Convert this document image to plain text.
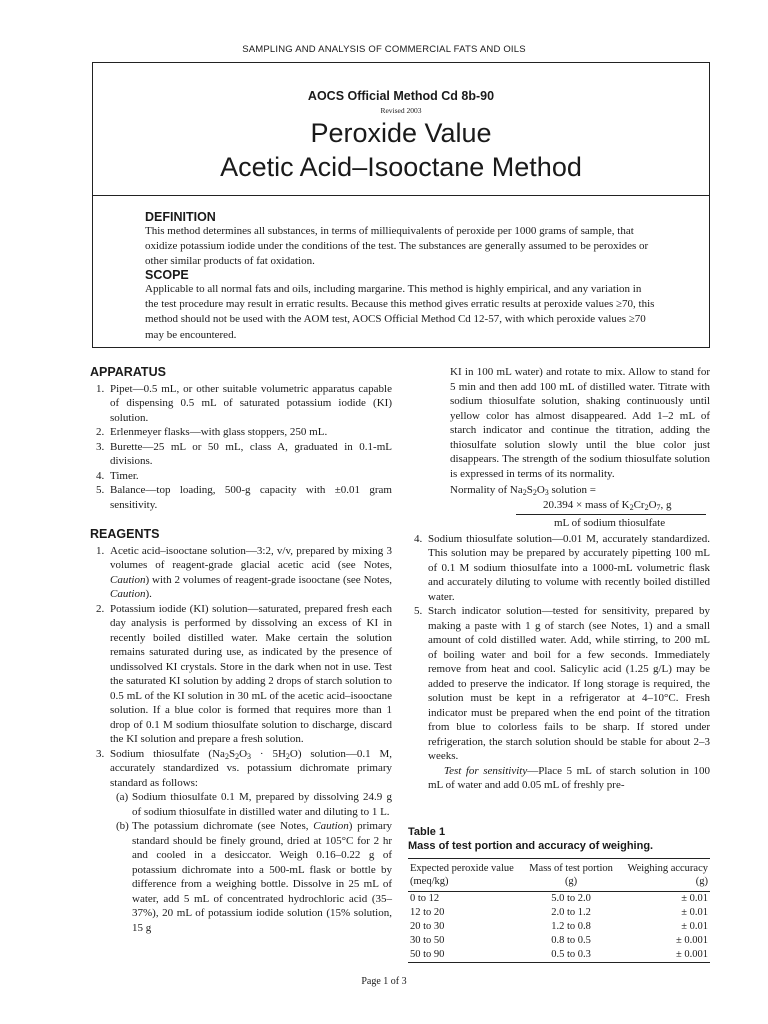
SAMPLING AND ANALYSIS OF COMMERCIAL FATS AND OILS
AOCS Official Method Cd 8b-90
Revised 2003
Peroxide Value
Acetic Acid–Isooctane Method
DEFINITION

This method determines all substances, in terms of milliequivalents of peroxide per 1000 grams of sample, that oxidize potassium iodide under the conditions of the test. The substances are generally assumed to be peroxides or other similar products of fat oxidation.

SCOPE

Applicable to all normal fats and oils, including margarine. This method is highly empirical, and any variation in the test procedure may result in erratic results. Because this method gives erratic results at peroxide values ≥70, this method should not be used with the AOM test, AOCS Official Method Cd 12-57, with which peroxide values ≥70 may be encountered.

APPARATUS
1. Pipet—0.5 mL, or other suitable volumetric apparatus capable of dispensing 0.5 mL of saturated potassium iodide (KI) solution.
2. Erlenmeyer flasks—with glass stoppers, 250 mL.
3. Burette—25 mL or 50 mL, class A, graduated in 0.1-mL divisions.
4. Timer.
5. Balance—top loading, 500-g capacity with ±0.01 gram sensitivity.
REAGENTS
1. Acetic acid–isooctane solution—3:2, v/v, prepared by mixing 3 volumes of reagent-grade glacial acetic acid (see Notes, Caution) with 2 volumes of reagent-grade isooctane (see Notes, Caution).
2. Potassium iodide (KI) solution—saturated, prepared fresh each day analysis is performed by dissolving an excess of KI in recently boiled distilled water. Make certain the solution remains saturated during use, as indicated by the presence of undissolved KI crystals. Store in the dark when not in use. Test the saturated KI solution by adding 2 drops of starch solution to 0.5 mL of the KI solution in 30 mL of the acetic acid–isooctane solution. If a blue color is formed that requires more than 1 drop of 0.1 M sodium thiosulfate solution to discharge, discard the KI solution and prepare a fresh solution.
3. Sodium thiosulfate $(Na_2S_2O_3 \cdot 5H_2O)$ solution—0.1 M, accurately standardized vs. potassium dichromate primary standard as follows:
(a) Sodium thiosulfate 0.1 M, prepared by dissolving 24.9 g of sodium thiosulfate in distilled water and diluting to 1 L.
(b) The potassium dichromate (see Notes, Caution) primary standard should be finely ground, dried at 105°C for 2 hr and cooled in a desiccator. Weigh 0.16–0.22 g of potassium dichromate into a 500-mL flask or bottle by difference from a weighing bottle. Dissolve in 25 mL of water, add 5 mL of concentrated hydrochloric acid (35–37%), 20 mL of potassium iodide solution (15% solution, 15 g
KI in 100 mL water) and rotate to mix. Allow to stand for 5 min and then add 100 mL of distilled water. Titrate with sodium thiosulfate solution, shaking continuously until yellow color has almost disappeared. Add 1–2 mL of starch indicator and continue the titration, adding the thiosulfate solution slowly until the blue color just disappears. The strength of the sodium thiosulfate solution is expressed in terms of its normality.
Normality of $Na_2S_2O_3$ solution =
20.394 × mass of $K_2Cr_2O_7$, g
mL of sodium thiosulfate
4. Sodium thiosulfate solution—0.01 M, accurately standardized. This solution may be prepared by accurately pipetting 100 mL of 0.1 M sodium thiosulfate into a 1000-mL volumetric flask and accurately diluting to volume with recently boiled distilled water.
5. Starch indicator solution—tested for sensitivity, prepared by making a paste with 1 g of starch (see Notes, 1) and a small amount of cold distilled water. Add, while stirring, to 200 mL of boiling water and boil for a few seconds. Immediately remove from heat and cool. Salicylic acid (1.25 g/L) may be added to preserve the indicator. If long storage is required, the solution must be kept in a refrigerator at 4–10°C. Fresh indicator must be prepared when the end point of the titration from blue to colorless fails to be sharp. If stored under refrigeration, the starch solution should be stable for about 2–3 weeks.
Test for sensitivity—Place 5 mL of starch solution in 100 mL of water and add 0.05 mL of freshly pre-
Table 1
Mass of test portion and accuracy of weighing.
Expected peroxide value (meq/kg)	Mass of test portion (g)	Weighing accuracy (g)
0 to 12	5.0 to 2.0	± 0.01
12 to 20	2.0 to 1.2	± 0.01
20 to 30	1.2 to 0.8	± 0.01
30 to 50	0.8 to 0.5	± 0.001
50 to 90	0.5 to 0.3	± 0.001
Page 1 of 3
